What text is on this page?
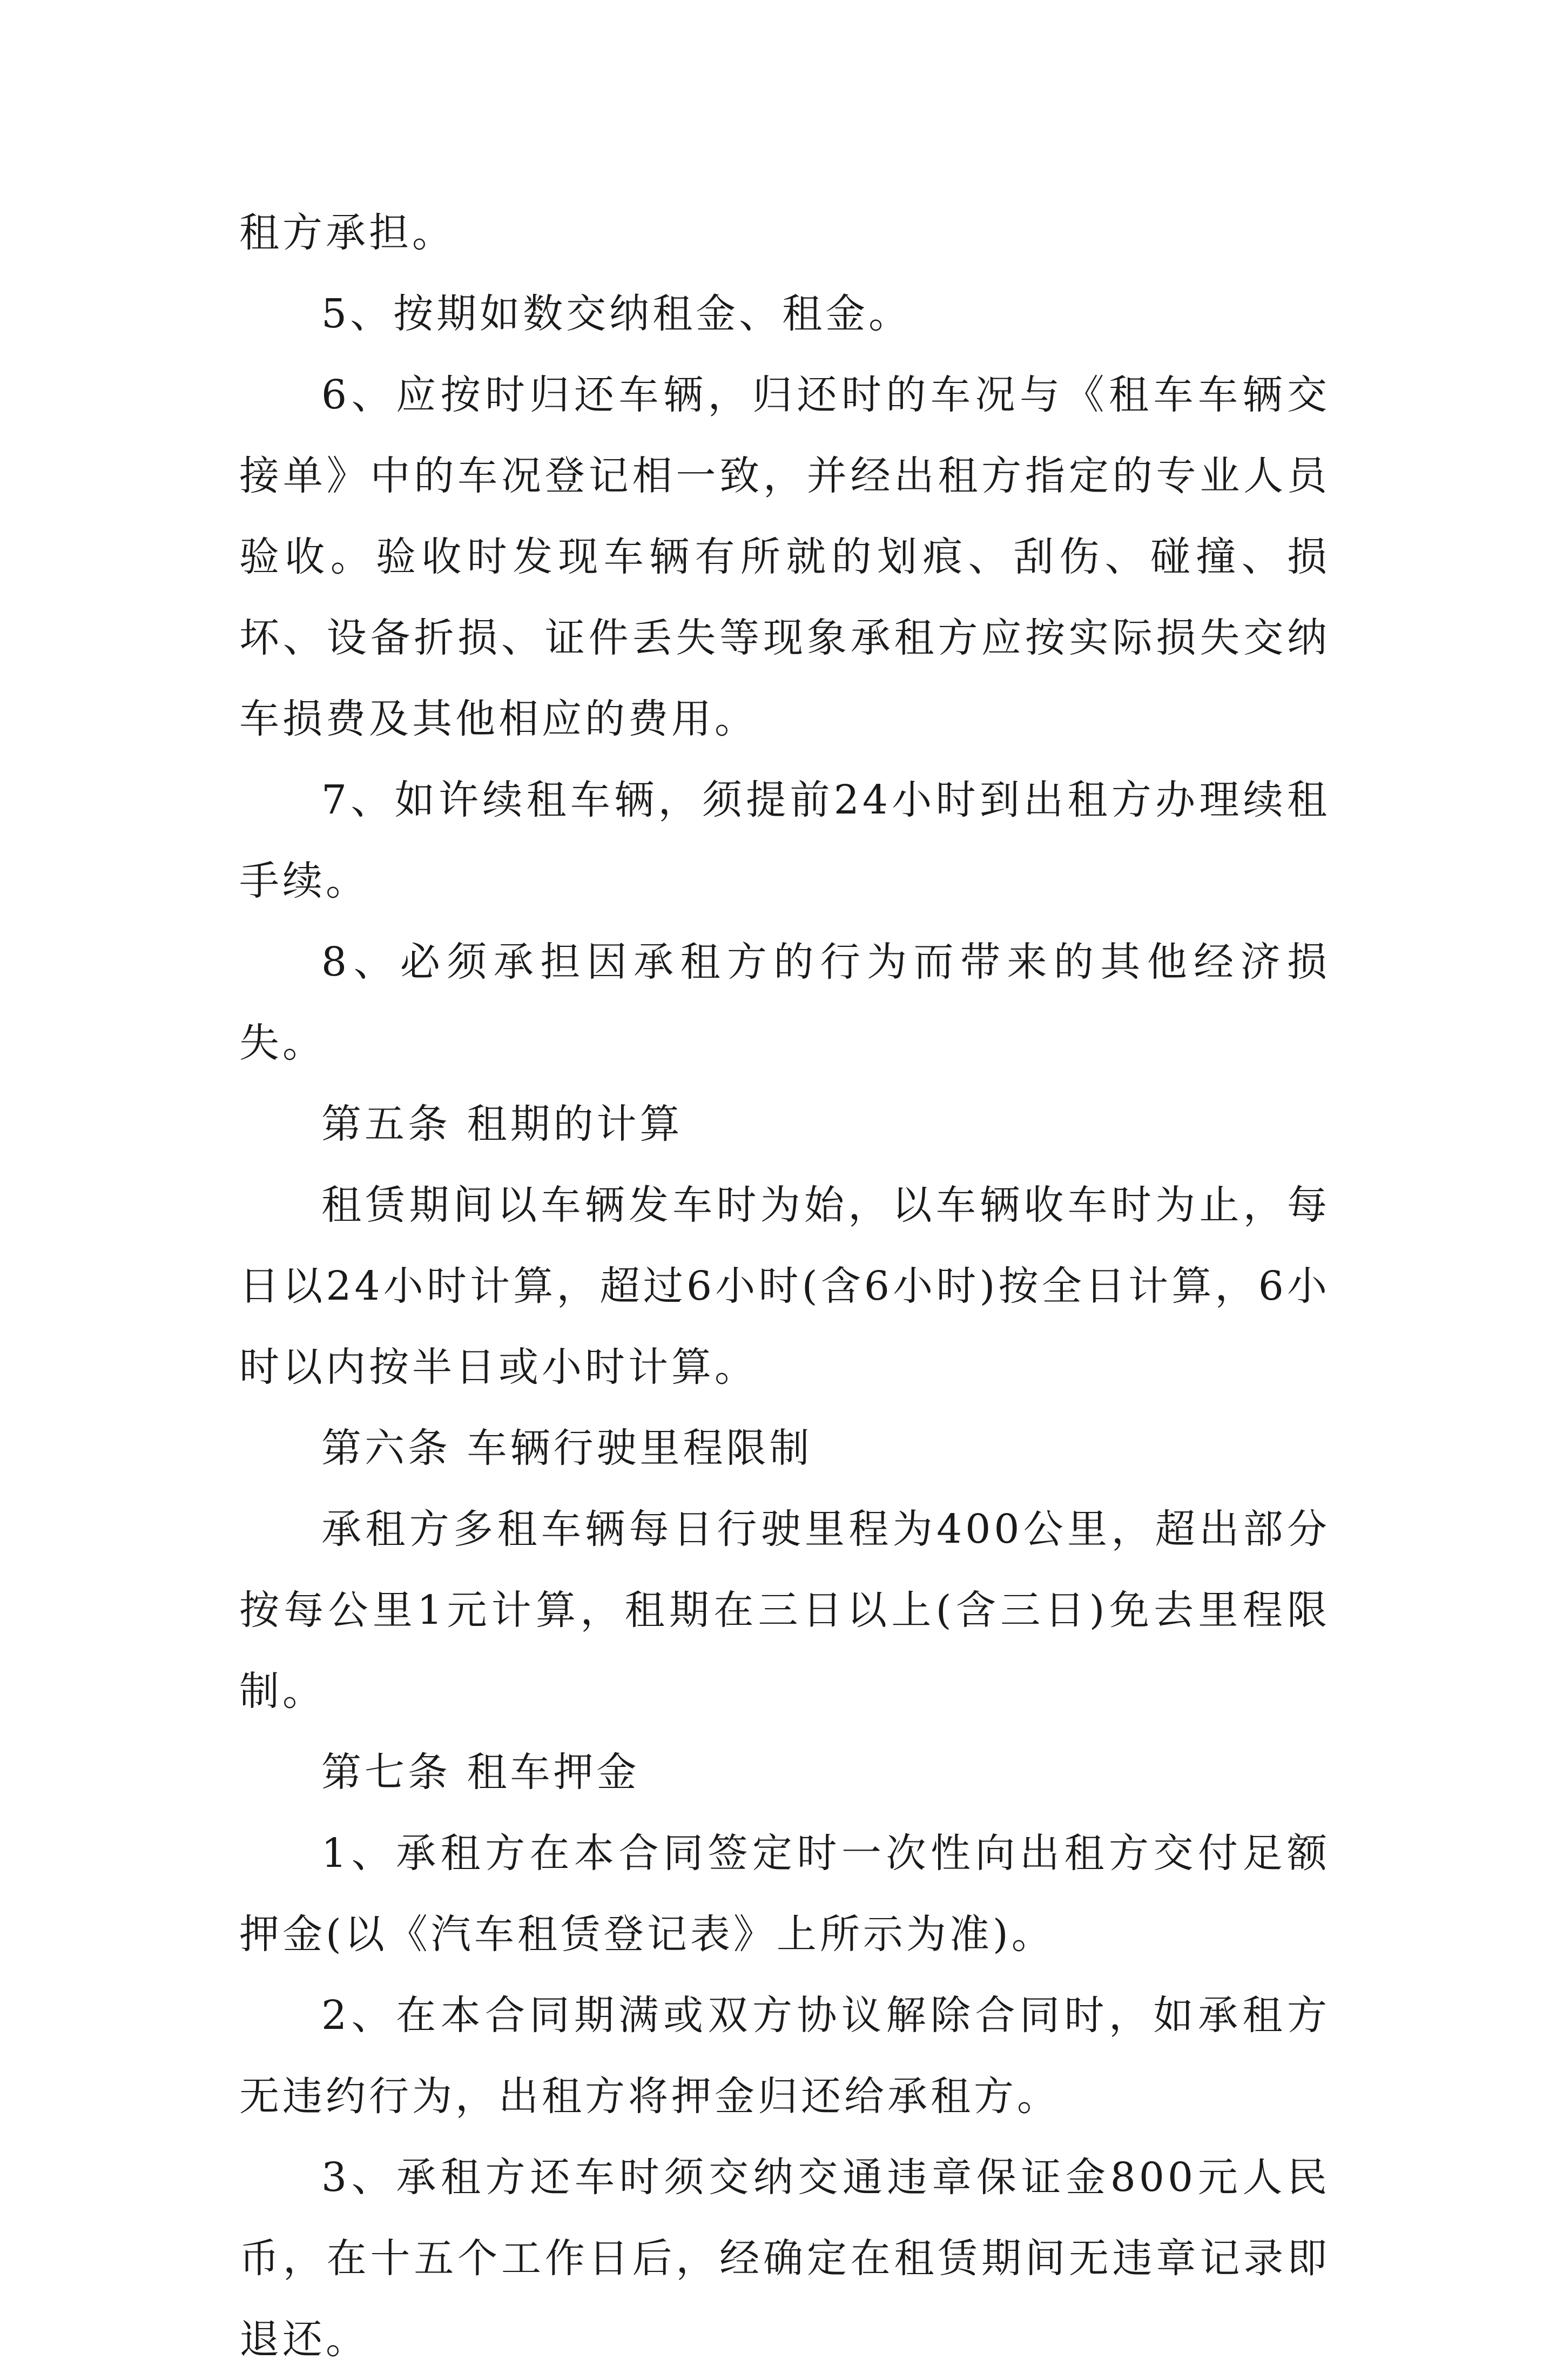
租方承担。

5、按期如数交纳租金、租金。

6、应按时归还车辆，归还时的车况与《租车车辆交接单》中的车况登记相一致，并经出租方指定的专业人员验收。验收时发现车辆有所就的划痕、刮伤、碰撞、损坏、设备折损、证件丢失等现象承租方应按实际损失交纳车损费及其他相应的费用。

7、如许续租车辆，须提前24小时到出租方办理续租手续。

8、必须承担因承租方的行为而带来的其他经济损失。

第五条 租期的计算

租赁期间以车辆发车时为始，以车辆收车时为止，每日以24小时计算，超过6小时(含6小时)按全日计算，6小时以内按半日或小时计算。

第六条 车辆行驶里程限制

承租方多租车辆每日行驶里程为400公里，超出部分按每公里1元计算，租期在三日以上(含三日)免去里程限制。

第七条 租车押金

1、承租方在本合同签定时一次性向出租方交付足额押金(以《汽车租赁登记表》上所示为准)。

2、在本合同期满或双方协议解除合同时，如承租方无违约行为，出租方将押金归还给承租方。

3、承租方还车时须交纳交通违章保证金800元人民币，在十五个工作日后，经确定在租赁期间无违章记录即退还。
